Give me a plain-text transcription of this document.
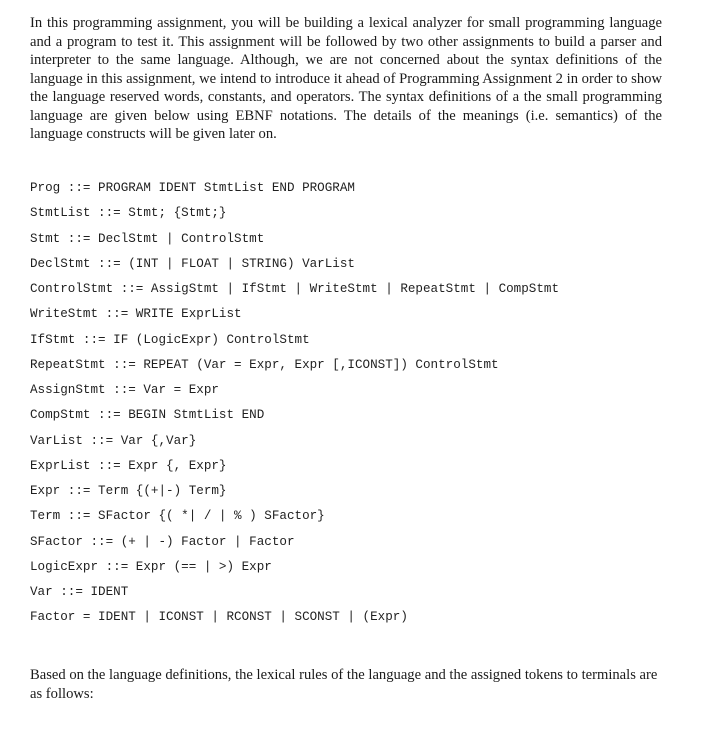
In this programming assignment, you will be building a lexical analyzer for small programming language and a program to test it. This assignment will be followed by two other assignments to build a parser and interpreter to the same language. Although, we are not concerned about the syntax definitions of the language in this assignment, we intend to introduce it ahead of Programming Assignment 2 in order to show the language reserved words, constants, and operators. The syntax definitions of a the small programming language are given below using EBNF notations. The details of the meanings (i.e. semantics) of the language constructs will be given later on.

Prog ::= PROGRAM IDENT StmtList END PROGRAM
StmtList ::= Stmt; {Stmt;}
Stmt ::= DeclStmt | ControlStmt
DeclStmt ::= (INT | FLOAT | STRING) VarList
ControlStmt ::= AssigStmt | IfStmt | WriteStmt | RepeatStmt | CompStmt
WriteStmt ::= WRITE ExprList
IfStmt ::= IF (LogicExpr) ControlStmt
RepeatStmt ::= REPEAT (Var = Expr, Expr [,ICONST]) ControlStmt
AssignStmt ::= Var = Expr
CompStmt ::= BEGIN StmtList END
VarList ::= Var {,Var}
ExprList ::= Expr {, Expr}
Expr ::= Term {(+|-) Term}
Term ::= SFactor {( *| / | % ) SFactor}
SFactor ::= (+ | -) Factor | Factor
LogicExpr ::= Expr (== | >) Expr
Var ::= IDENT
Factor = IDENT | ICONST | RCONST | SCONST | (Expr)

Based on the language definitions, the lexical rules of the language and the assigned tokens to terminals are as follows:
